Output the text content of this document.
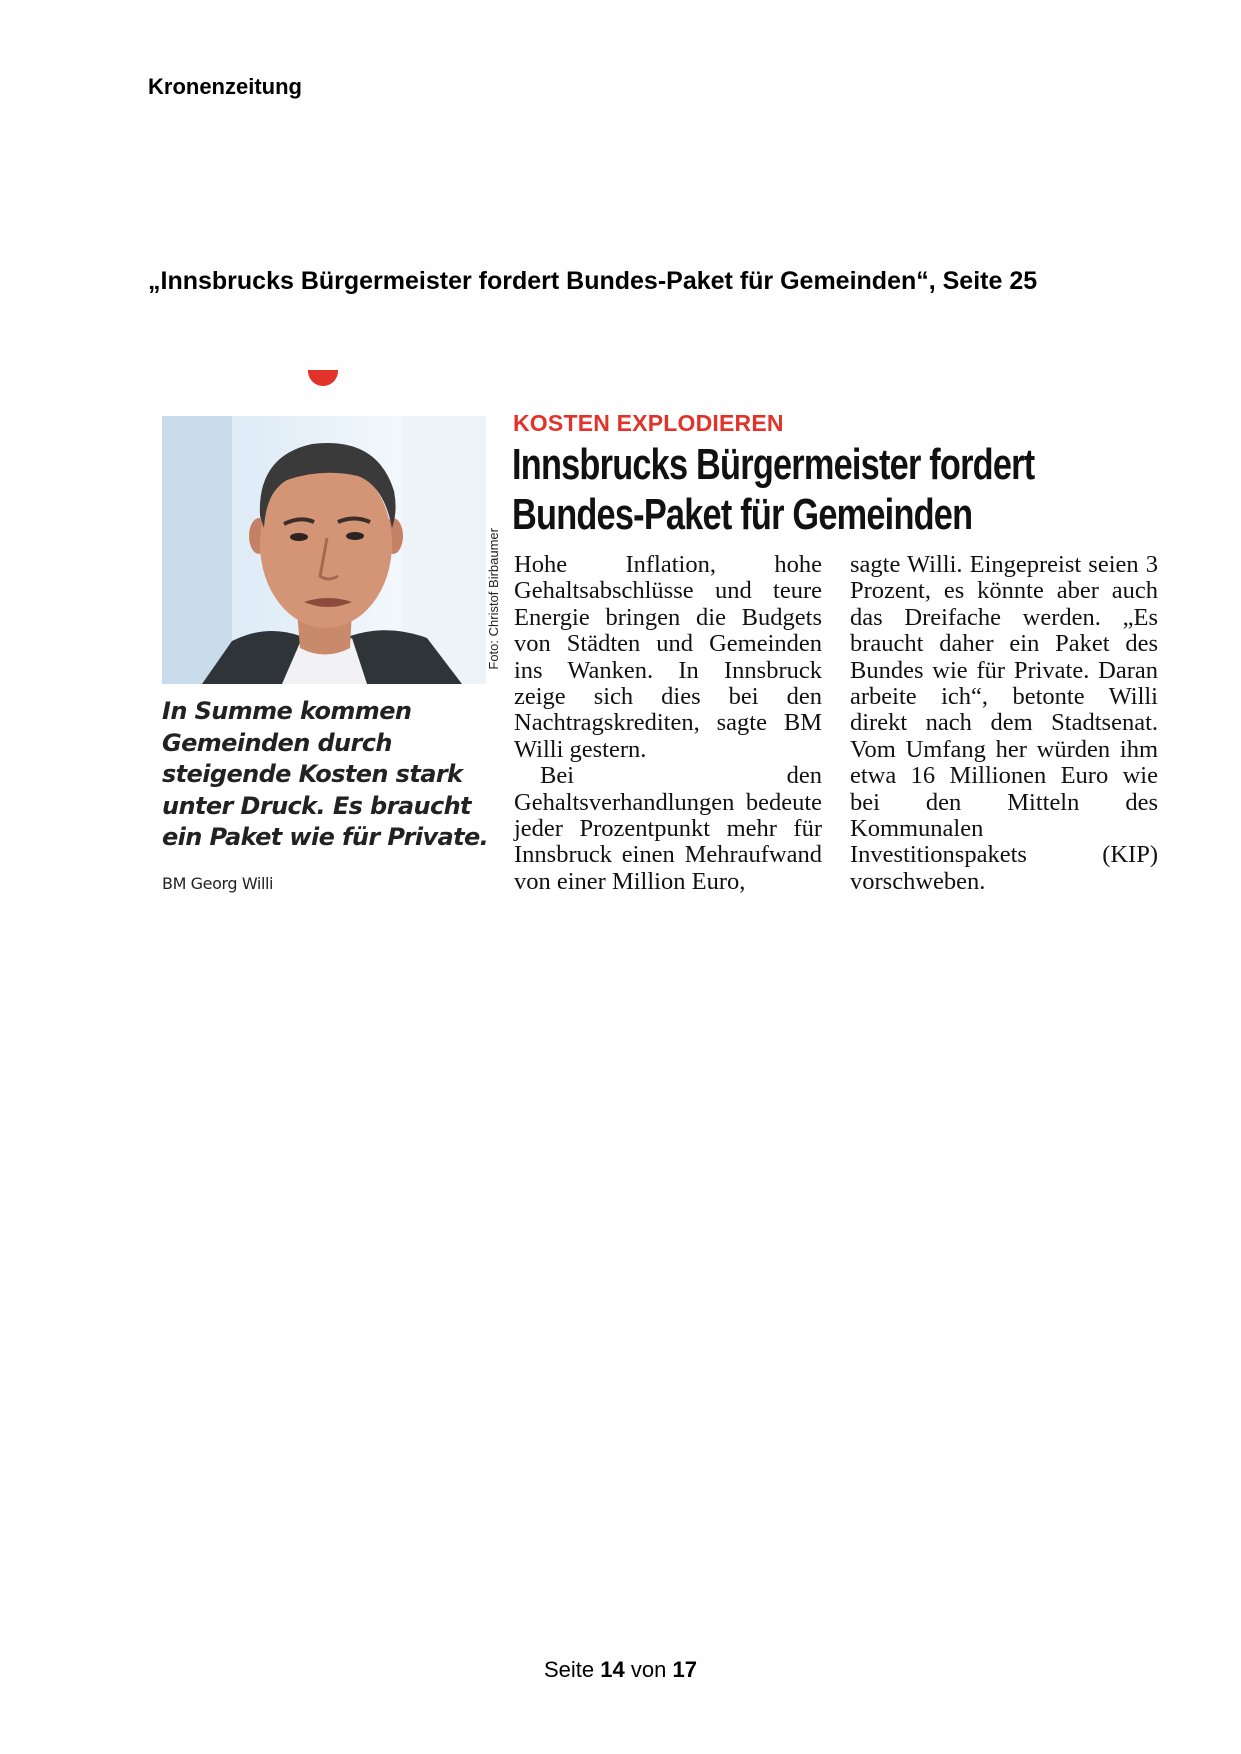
Kronenzeitung
„Innsbrucks Bürgermeister fordert Bundes-Paket für Gemeinden“, Seite 25
Foto: Christof Birbaumer
In Summe kommen Gemeinden durch steigende Kosten stark unter Druck. Es braucht ein Paket wie für Private.
BM Georg Willi
KOSTEN EXPLODIEREN
Innsbrucks Bürgermeister fordert
Bundes-Paket für Gemeinden

Hohe Inflation, hohe Gehaltsabschlüsse und teure Energie bringen die Budgets von Städten und Gemeinden ins Wanken. In Innsbruck zeige sich dies bei den Nachtragskrediten, sagte BM Willi gestern.

Bei den Gehaltsverhandlungen bedeute jeder Prozentpunkt mehr für Innsbruck einen Mehraufwand von einer Million Euro,

sagte Willi. Eingepreist seien 3 Prozent, es könnte aber auch das Dreifache werden. „Es braucht daher ein Paket des Bundes wie für Private. Daran arbeite ich“, betonte Willi direkt nach dem Stadtsenat. Vom Umfang her würden ihm etwa 16 Millionen Euro wie bei den Mitteln des Kommunalen Investitionspakets (KIP) vorschweben.

Seite 14 von 17
